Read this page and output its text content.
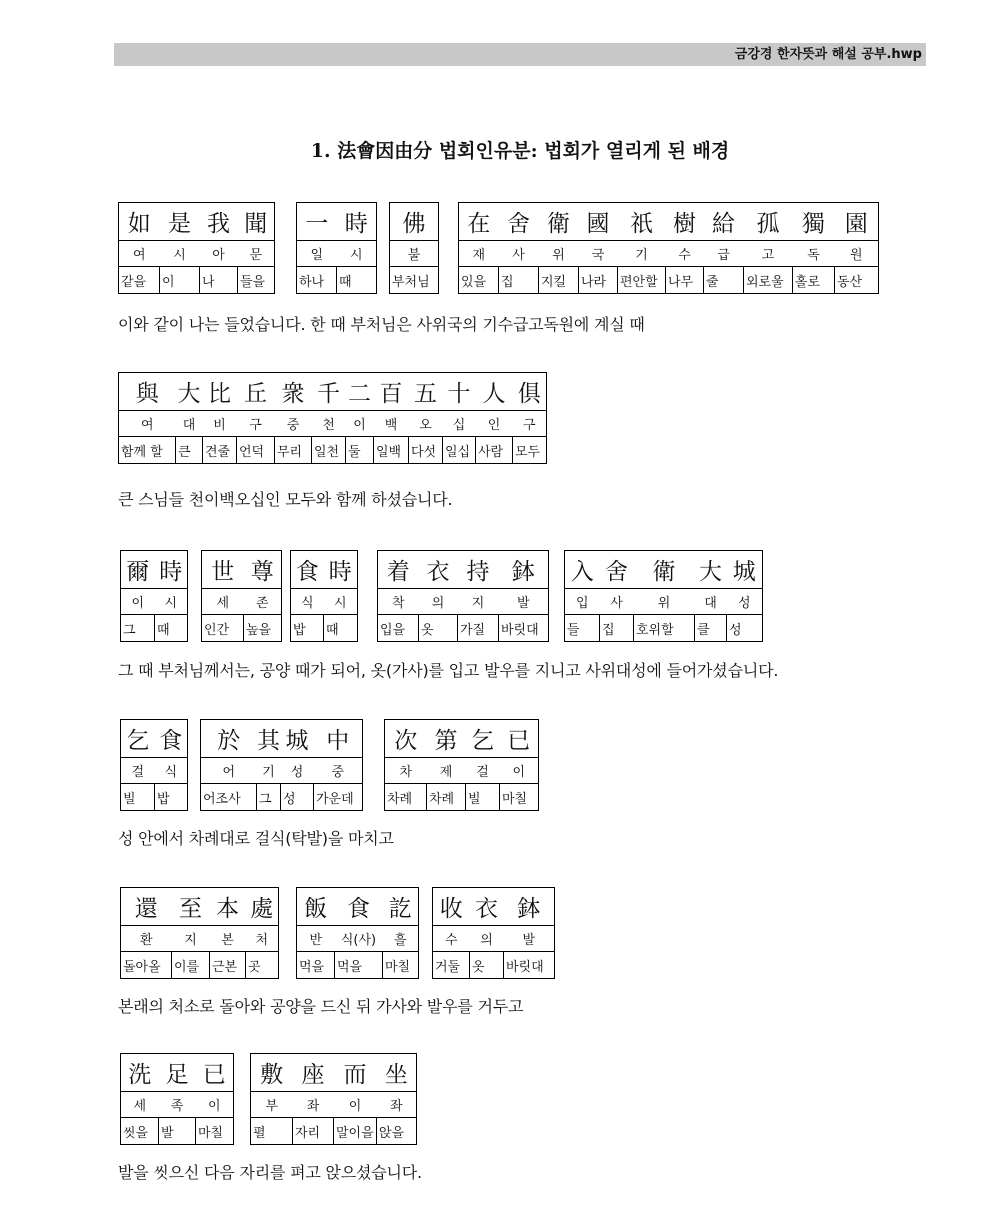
금강경 한자뜻과 해설 공부.hwp
1. 法會因由分 법회인유분: 법회가 열리게 된 배경
如	是	我	聞
여	시	아	문
같을	이	나	들을
一	時
일	시
하나	때
佛
불
부처님
在	舍	衛	國	祇	樹	給	孤	獨	園
재	사	위	국	기	수	급	고	독	원
있을	집	지킬	나라	편안할	나무	줄	외로울	홀로	동산
이와 같이 나는 들었습니다. 한 때 부처님은 사위국의 기수급고독원에 계실 때
與	大	比	丘	衆	千	二	百	五	十	人	俱
여	대	비	구	중	천	이	백	오	십	인	구
함께 할	큰	견줄	언덕	무리	일천	둘	일백	다섯	일십	사람	모두
큰 스님들 천이백오십인 모두와 함께 하셨습니다.
爾	時
이	시
그	때
世	尊
세	존
인간	높을
食	時
식	시
밥	때
着	衣	持	鉢
착	의	지	발
입을	옷	가질	바릿대
入	舍	衛	大	城
입	사	위	대	성
들	집	호위할	클	성
그 때 부처님께서는, 공양 때가 되어, 옷(가사)를 입고 발우를 지니고 사위대성에 들어가셨습니다.
乞	食
걸	식
빌	밥
於	其	城	中
어	기	성	중
어조사	그	성	가운데
次	第	乞	已
차	제	걸	이
차례	차례	빌	마칠
성 안에서 차례대로 걸식(탁발)을 마치고
還	至	本	處
환	지	본	처
돌아올	이를	근본	곳
飯	食	訖
반	식(사)	흘
먹을	먹을	마칠
收	衣	鉢
수	의	발
거둘	옷	바릿대
본래의 처소로 돌아와 공양을 드신 뒤 가사와 발우를 거두고
洗	足	已
세	족	이
씻을	발	마칠
敷	座	而	坐
부	좌	이	좌
펼	자리	말이을	앉을
발을 씻으신 다음 자리를 펴고 앉으셨습니다.
